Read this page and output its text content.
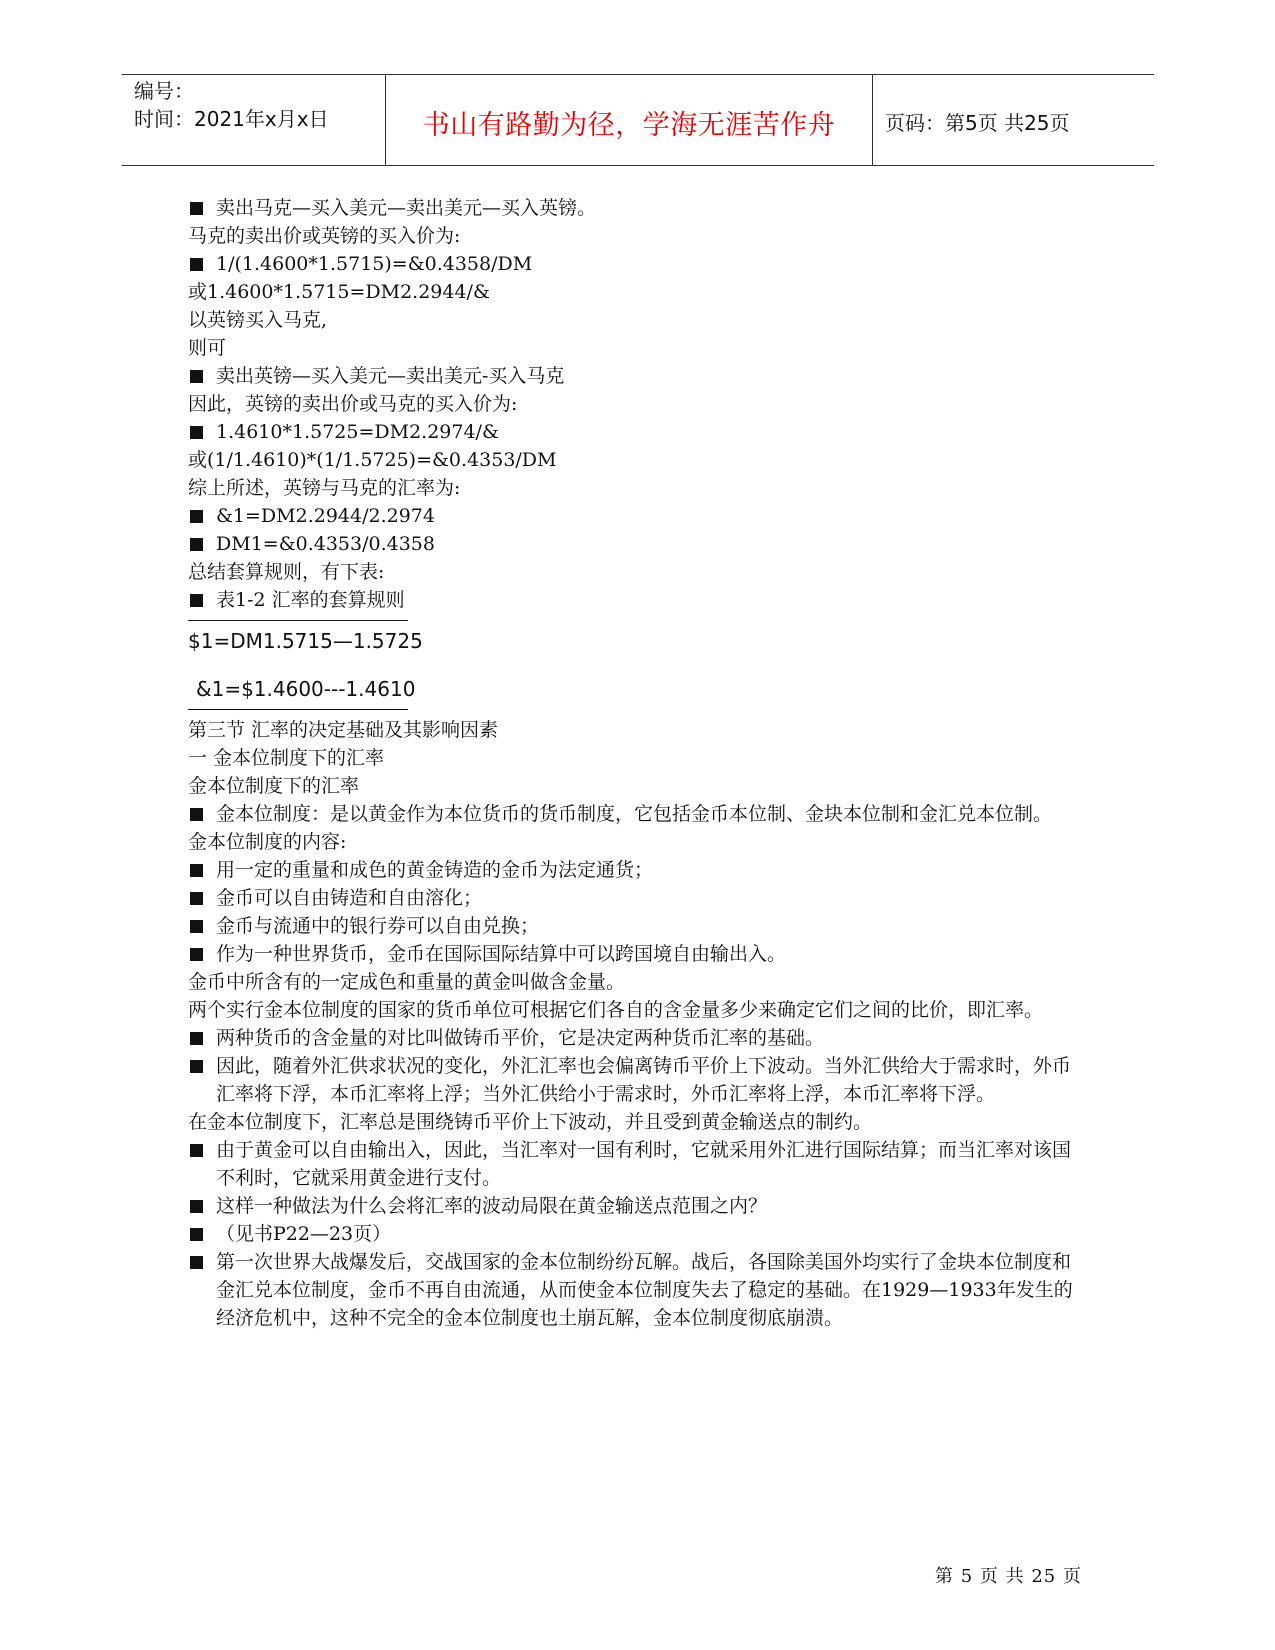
编号：
时间：2021年x月x日	书山有路勤为径，学海无涯苦作舟	页码：第5页 共25页
卖出马克—买入美元—卖出美元—买入英镑。
马克的卖出价或英镑的买入价为:
1/(1.4600*1.5715)=&0.4358/DM
或1.4600*1.5715=DM2.2944/&
以英镑买入马克,
则可
卖出英镑—买入美元—卖出美元-买入马克
因此，英镑的卖出价或马克的买入价为:
1.4610*1.5725=DM2.2974/&
或(1/1.4610)*(1/1.5725)=&0.4353/DM
综上所述，英镑与马克的汇率为:
&1=DM2.2944/2.2974
DM1=&0.4353/0.4358
总结套算规则，有下表:
表1-2 汇率的套算规则
$1=DM1.5715—1.5725
&1=$1.4600---1.4610
第三节 汇率的决定基础及其影响因素
一 金本位制度下的汇率
金本位制度下的汇率
金本位制度：是以黄金作为本位货币的货币制度，它包括金币本位制、金块本位制和金汇兑本位制。
金本位制度的内容:
用一定的重量和成色的黄金铸造的金币为法定通货；
金币可以自由铸造和自由溶化；
金币与流通中的银行券可以自由兑换；
作为一种世界货币，金币在国际国际结算中可以跨国境自由输出入。
金币中所含有的一定成色和重量的黄金叫做含金量。
两个实行金本位制度的国家的货币单位可根据它们各自的含金量多少来确定它们之间的比价，即汇率。
两种货币的含金量的对比叫做铸币平价，它是决定两种货币汇率的基础。
因此，随着外汇供求状况的变化，外汇汇率也会偏离铸币平价上下波动。当外汇供给大于需求时，外币汇率将下浮，本币汇率将上浮；当外汇供给小于需求时，外币汇率将上浮，本币汇率将下浮。
在金本位制度下，汇率总是围绕铸币平价上下波动，并且受到黄金输送点的制约。
由于黄金可以自由输出入，因此，当汇率对一国有利时，它就采用外汇进行国际结算；而当汇率对该国不利时，它就采用黄金进行支付。
这样一种做法为什么会将汇率的波动局限在黄金输送点范围之内？
（见书P22—23页）
第一次世界大战爆发后，交战国家的金本位制纷纷瓦解。战后，各国除美国外均实行了金块本位制度和金汇兑本位制度，金币不再自由流通，从而使金本位制度失去了稳定的基础。在1929—1933年发生的经济危机中，这种不完全的金本位制度也土崩瓦解，金本位制度彻底崩溃。
第 5 页 共 25 页
